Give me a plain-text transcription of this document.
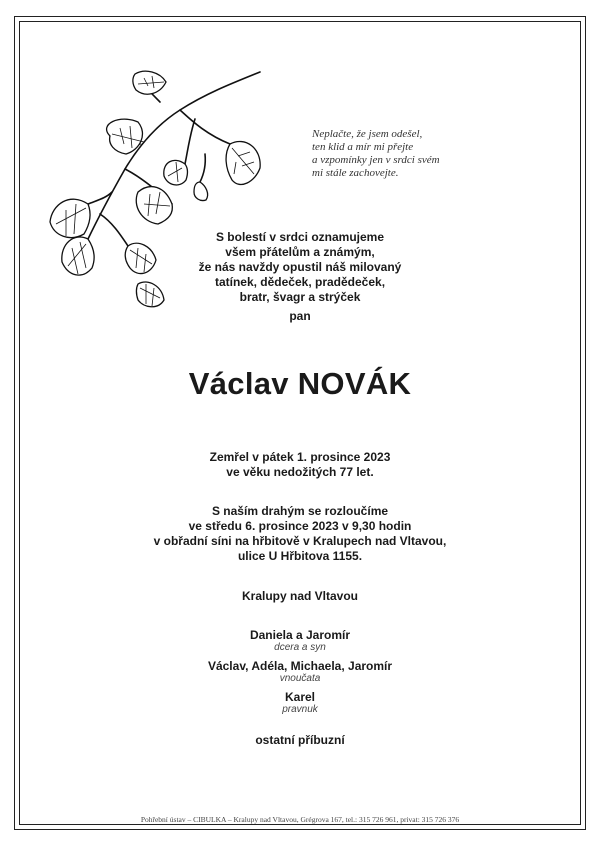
Neplačte, že jsem odešel,
ten klid a mír mi přejte
a vzpomínky jen v srdci svém
mi stále zachovejte.
S bolestí v srdci oznamujeme
všem přátelům a známým,
že nás navždy opustil náš milovaný
tatínek, dědeček, pradědeček,
bratr, švagr a strýček
pan
Václav NOVÁK
Zemřel v pátek 1. prosince 2023
ve věku nedožitých 77 let.
S naším drahým se rozloučíme
ve středu 6. prosince 2023 v 9,30 hodin
v obřadní síni na hřbitově v Kralupech nad Vltavou,
ulice U Hřbitova 1155.
Kralupy nad Vltavou
Daniela a Jaromír
dcera a syn
Václav, Adéla, Michaela, Jaromír
vnoučata
Karel
pravnuk
ostatní příbuzní
Pohřební ústav – CIBULKA – Kralupy nad Vltavou, Grégrova 167, tel.: 315 726 961, privat: 315 726 376
